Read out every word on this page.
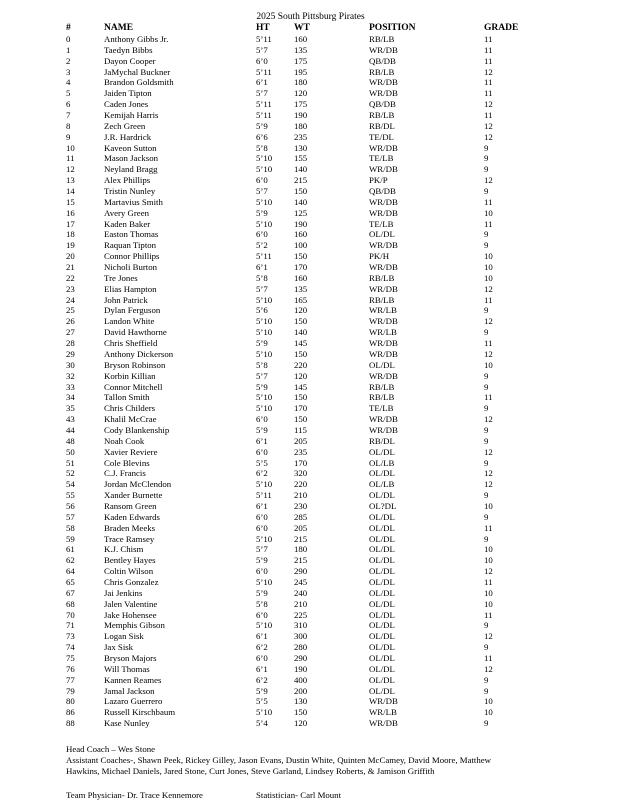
2025 South Pittsburg Pirates
#	NAME	HT	WT	POSITION	GRADE
0	Anthony Gibbs Jr.	5’11	160	RB/LB	11
1	Taedyn Bibbs	5’7	135	WR/DB	11
2	Dayon Cooper	6’0	175	QB/DB	11
3	JaMychal Buckner	5’11	195	RB/LB	12
4	Brandon Goldsmith	6’1	180	WR/DB	11
5	Jaiden Tipton	5’7	120	WR/DB	11
6	Caden Jones	5’11	175	QB/DB	12
7	Kemijah Harris	5’11	190	RB/LB	11
8	Zech Green	5’9	180	RB/DL	12
9	J.R. Hardrick	6’6	235	TE/DL	12
10	Kaveon Sutton	5’8	130	WR/DB	9
11	Mason Jackson	5’10 155	TE/LB	9
12	Neyland Bragg	5’10 140	WR/DB	9
13	Alex Phillips	6’0	215	PK/P	12
14	Tristin Nunley	5’7	150	QB/DB	9
15	Martavius Smith	5’10 140	WR/DB	11
16	Avery Green	5’9	125	WR/DB	10
17	Kaden Baker	5’10 190	TE/LB	11
18	Easton Thomas	6’0	160	OL/DL	9
19	Raquan Tipton	5’2	100	WR/DB	9
20	Connor Phillips	5’11	150	PK/H	10
21	Nicholi Burton	6’1	170	WR/DB	10
22	Tre Jones	5’8	160	RB/LB	10
23	Elias Hampton	5’7	135	WR/DB	12
24	John Patrick	5’10 165	RB/LB	11
25	Dylan Ferguson	5’6	120	WR/LB	9
26	Landon White	5’10 150	WR/DB	12
27	David Hawthorne	5’10 140	WR/LB	9
28	Chris Sheffield	5’9	145	WR/DB	11
29	Anthony Dickerson	5’10 150	WR/DB	12
30	Bryson Robinson	5’8	220	OL/DL	10
32	Korbin Killian	5’7	120	WR/DB	9
33	Connor Mitchell	5’9	145	RB/LB	9
34	Tallon Smith	5’10 150	RB/LB	11
35	Chris Childers	5’10 170	TE/LB	9
43	Khalil McCrae	6’0	150	WR/DB	12
44	Cody Blankenship	5’9	115	WR/DB	9
48	Noah Cook	6’1	205	RB/DL	9
50	Xavier Reviere	6’0	235	OL/DL	12
51	Cole Blevins	5’5	170	OL/LB	9
52	C.J. Francis	6’2	320	OL/DL	12
54	Jordan McClendon	5’10 220	OL/LB	12
55	Xander Burnette	5’11	210	OL/DL	9
56	Ransom Green	6’1	230	OL?DL	10
57	Kaden Edwards	6’0	285	OL/DL	9
58	Braden Meeks	6’0	205	OL/DL	11
59	Trace Ramsey	5’10 215	OL/DL	9
61	K.J. Chism	5’7	180	OL/DL	10
62	Bentley Hayes	5’9	215	OL/DL	10
64	Coltin Wilson	6’0	290	OL/DL	12
65	Chris Gonzalez	5’10 245	OL/DL	11
67	Jai Jenkins	5’9	240	OL/DL	10
68	Jalen Valentine	5’8	210	OL/DL	10
70	Jake Hohensee	6’0	225	OL/DL	11
71	Memphis Gibson	5’10 310	OL/DL	9
73	Logan Sisk	6’1	300	OL/DL	12
74	Jax Sisk	6’2	280	OL/DL	9
75	Bryson Majors	6’0	290	OL/DL	11
76	Will Thomas	6’1	190	OL/DL	12
77	Kannen Reames	6’2	400	OL/DL	9
79	Jamal Jackson	5’9	200	OL/DL	9
80	Lazaro Guerrero	5’5	130	WR/DB	10
86	Russell Kirschbaum	5’10 150	WR/LB	10
88	Kase Nunley	5’4	120	WR/DB	9
Head Coach – Wes Stone
Assistant Coaches-, Shawn Peek, Rickey Gilley, Jason Evans, Dustin White, Quinten McCamey, David Moore, Matthew
Hawkins, Michael Daniels, Jared Stone, Curt Jones, Steve Garland, Lindsey Roberts, & Jamison Griffith
Team Physician- Dr. Trace Kennemore	Statistician- Carl Mount
